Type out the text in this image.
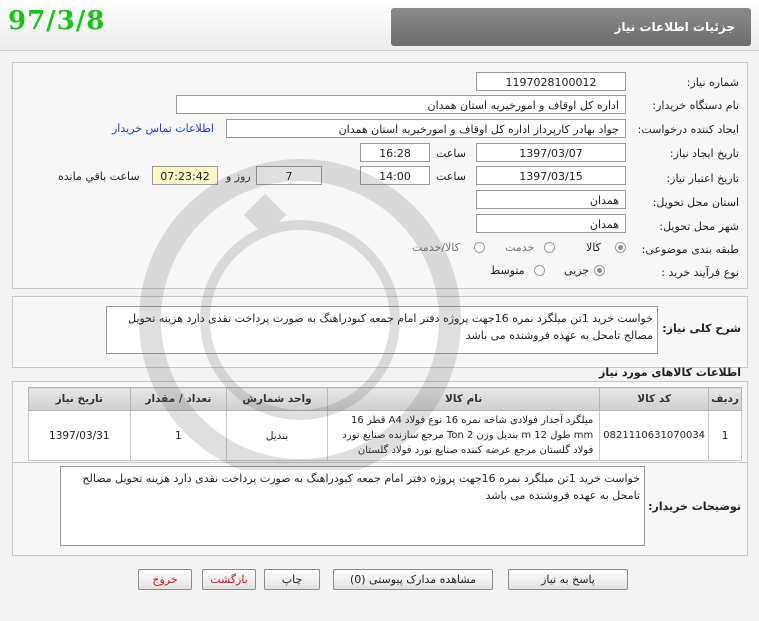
جزئیات اطلاعات نیاز
97/3/8
شماره نیاز:
1197028100012
نام دستگاه خریدار:
اداره کل اوقاف و امورخیریه استان همدان
ایجاد کننده درخواست:
جواد بهادر کارپرداز اداره کل اوقاف و امورخیریه استان همدان
اطلاعات تماس خریدار
تاریخ ایجاد نیاز:
1397/03/07
ساعت
16:28
تاریخ اعتبار نیاز:
1397/03/15
ساعت
14:00
7
روز و
07:23:42
ساعت باقي مانده
استان محل تحویل:
همدان
شهر محل تحویل:
همدان
طبقه بندی موضوعی:
کالا
خدمت
کالا/خدمت
نوع فرآیند خرید :
جزیی
متوسط
شرح کلی نیاز:
خواست خرید 1تن میلگرد نمره 16جهت پروژه دفتر امام جمعه کبودراهنگ به صورت پرداخت نقدی دارد هزینه تحویل مصالح تامحل به عهده فروشنده می باشد
اطلاعات کالاهای مورد نیاز
ردیف	کد کالا	نام کالا	واحد شمارش	تعداد / مقدار	تاریخ نیاز
1	0821110631070034	میلگرد آجدار فولادی شاخه نمره 16 نوع فولاد A4 قطر 16 mm طول 12 m بندیل وزن 2 Ton مرجع سازنده صنایع نورد فولاد گلستان مرجع عرضه کننده صنایع نورد فولاد گلستان	بندیل	1	1397/03/31
توضیحات خریدار:
خواست خرید 1تن میلگرد نمره 16جهت پروژه دفتر امام جمعه کبودراهنگ به صورت پرداخت نقدی دارد هزینه تحویل مصالح تامحل به عهده فروشنده می باشد
پاسخ به نیاز
مشاهده مدارک پیوستی (0)
چاپ
بازگشت
خروج
